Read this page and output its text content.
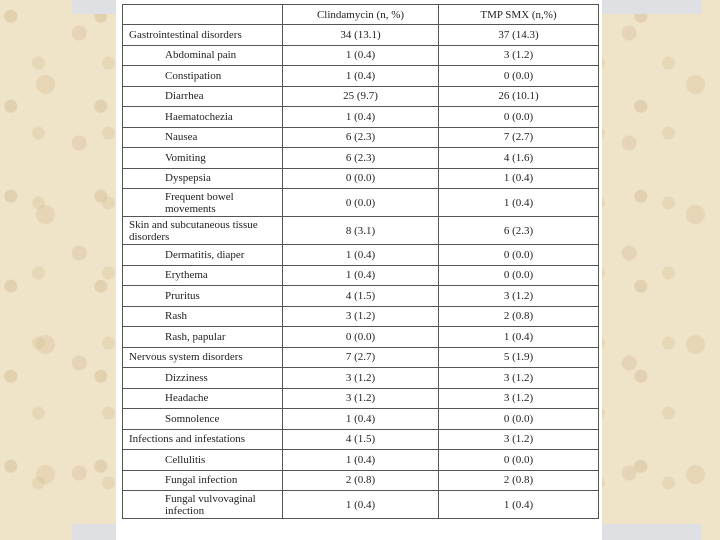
	Clindamycin (n, %)	TMP SMX (n,%)
Gastrointestinal disorders	34 (13.1)	37 (14.3)
Abdominal pain	1 (0.4)	3 (1.2)
Constipation	1 (0.4)	0 (0.0)
Diarrhea	25 (9.7)	26 (10.1)
Haematochezia	1 (0.4)	0 (0.0)
Nausea	6 (2.3)	7 (2.7)
Vomiting	6 (2.3)	4 (1.6)
Dyspepsia	0 (0.0)	1 (0.4)
Frequent bowel movements	0 (0.0)	1 (0.4)
Skin and subcutaneous tissue disorders	8 (3.1)	6 (2.3)
Dermatitis, diaper	1 (0.4)	0 (0.0)
Erythema	1 (0.4)	0 (0.0)
Pruritus	4 (1.5)	3 (1.2)
Rash	3 (1.2)	2 (0.8)
Rash, papular	0 (0.0)	1 (0.4)
Nervous system disorders	7 (2.7)	5 (1.9)
Dizziness	3 (1.2)	3 (1.2)
Headache	3 (1.2)	3 (1.2)
Somnolence	1 (0.4)	0 (0.0)
Infections and infestations	4 (1.5)	3 (1.2)
Cellulitis	1 (0.4)	0 (0.0)
Fungal infection	2 (0.8)	2 (0.8)
Fungal vulvovaginal infection	1 (0.4)	1 (0.4)
